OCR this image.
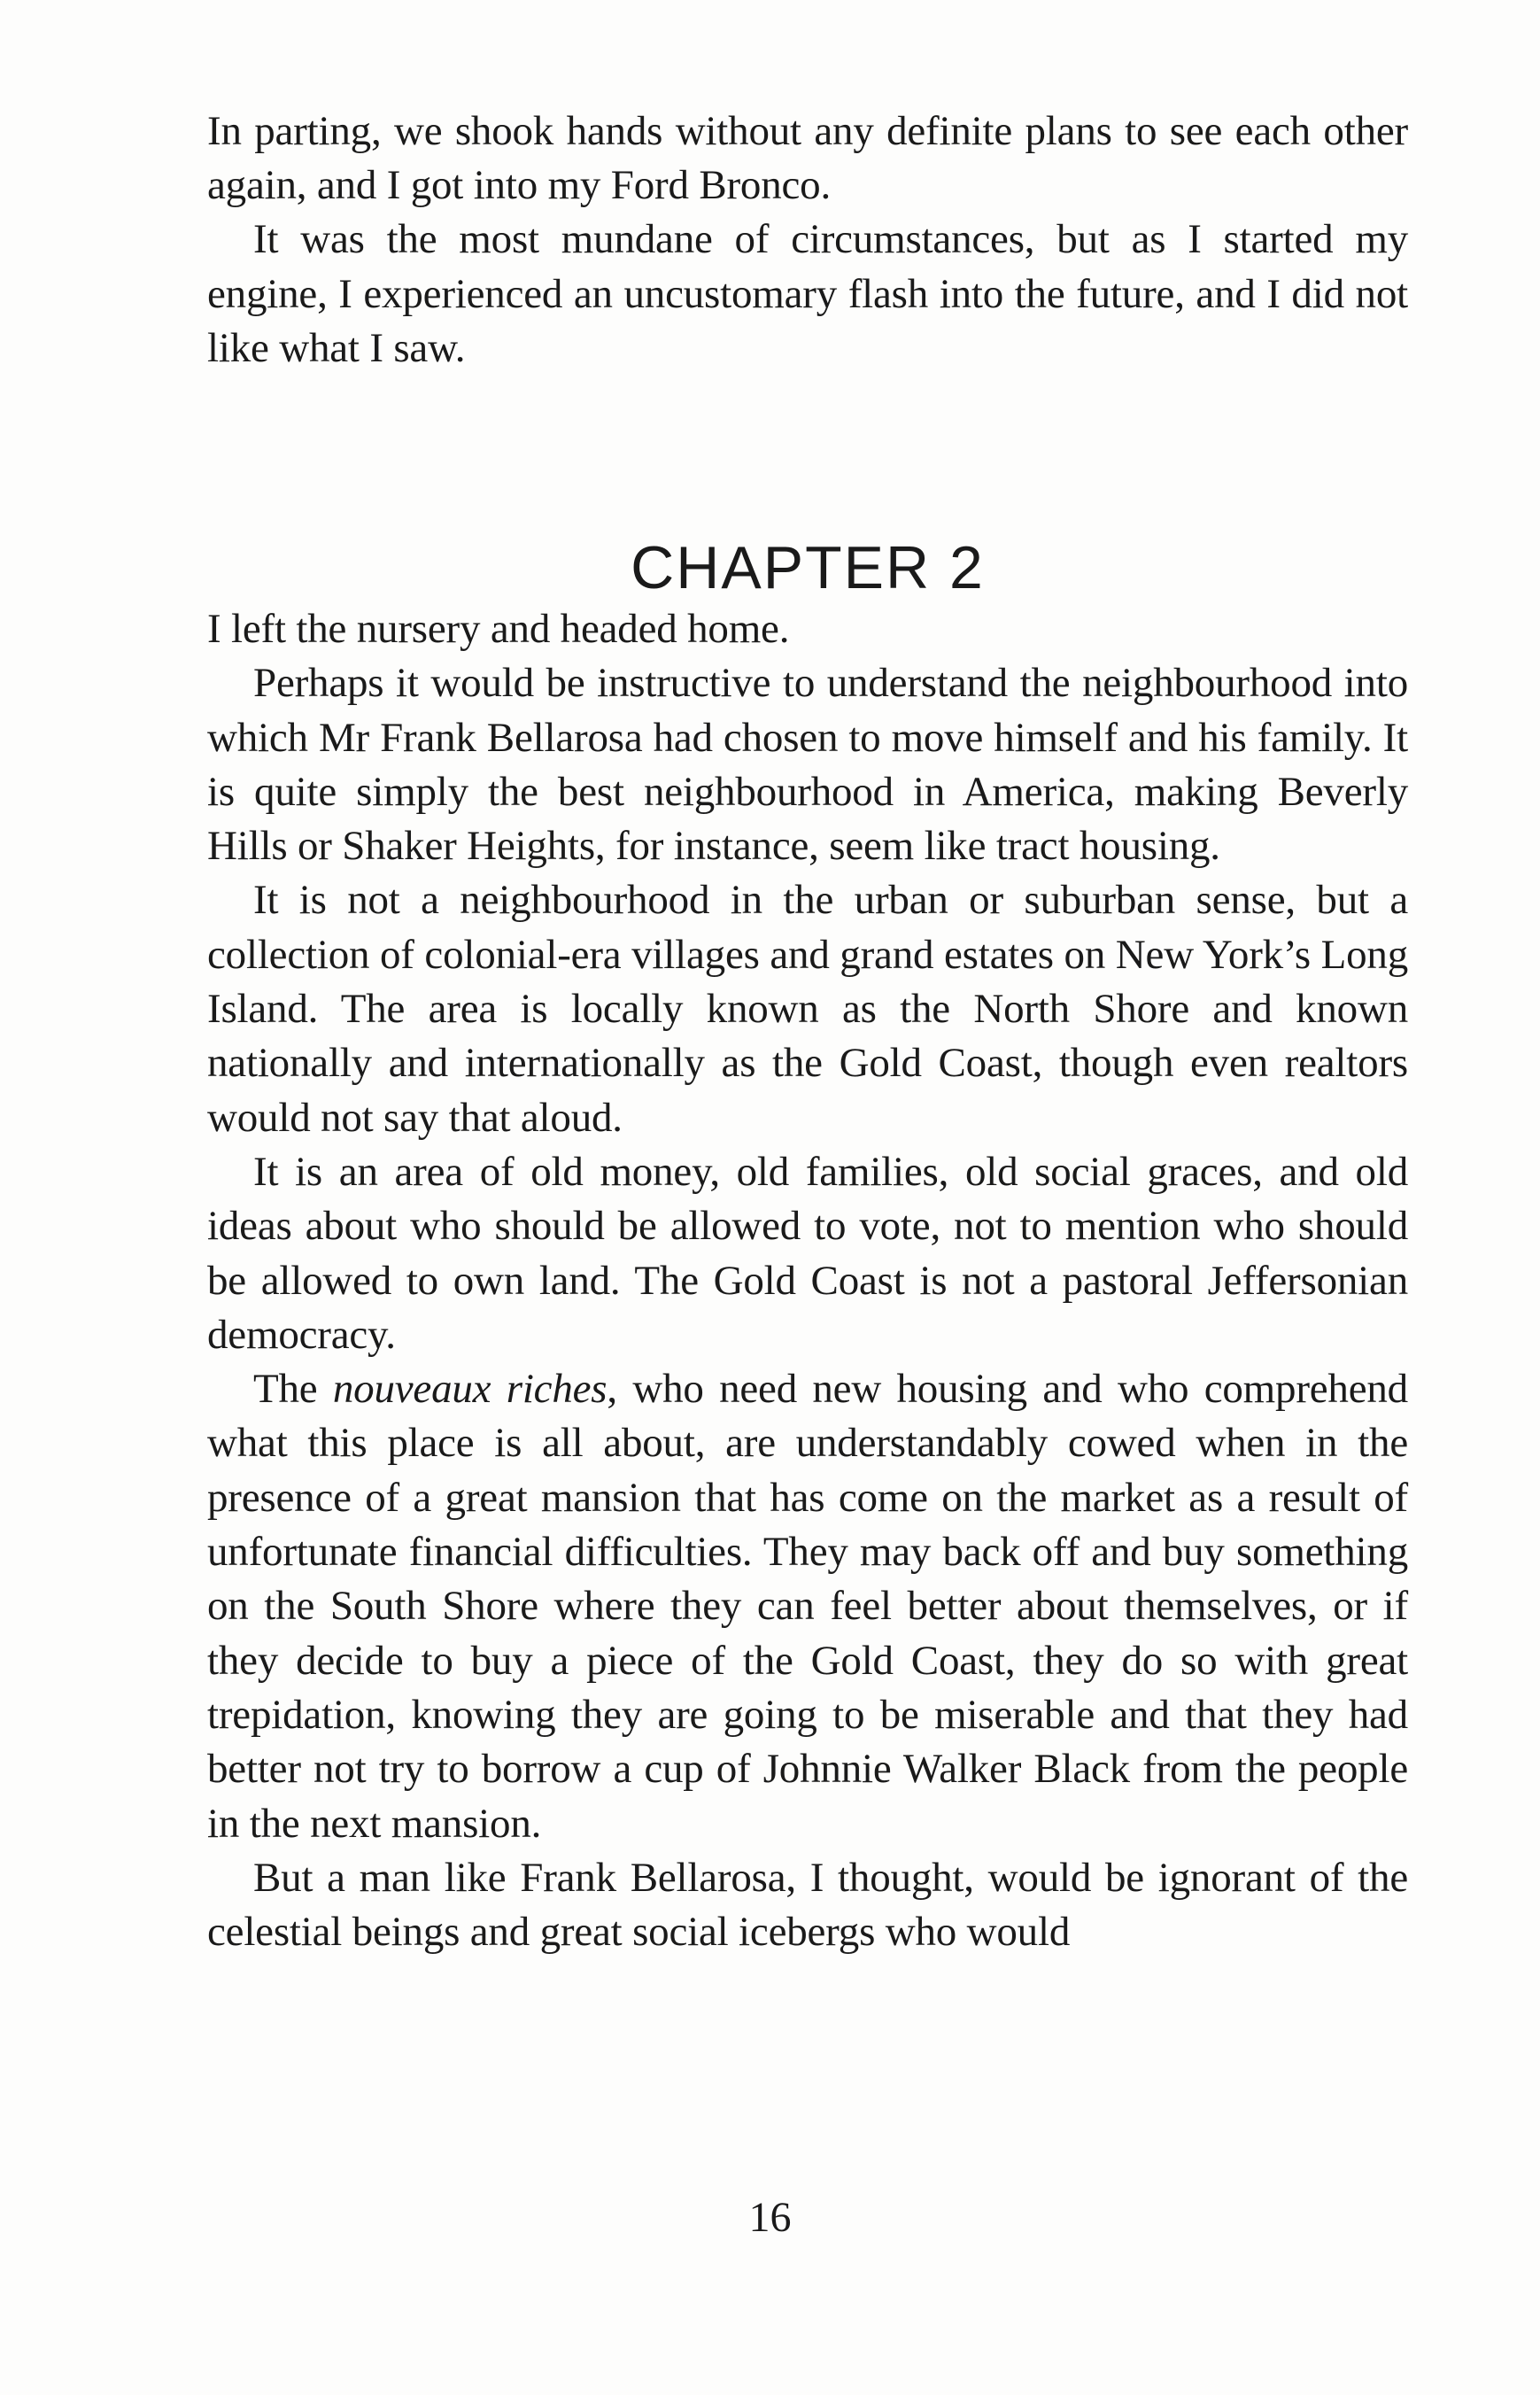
In parting, we shook hands without any definite plans to see each other again, and I got into my Ford Bronco.

It was the most mundane of circumstances, but as I started my engine, I experienced an uncustomary flash into the future, and I did not like what I saw.

CHAPTER 2

I left the nursery and headed home.

Perhaps it would be instructive to understand the neighbourhood into which Mr Frank Bellarosa had chosen to move himself and his family. It is quite simply the best neighbourhood in America, making Beverly Hills or Shaker Heights, for instance, seem like tract housing.

It is not a neighbourhood in the urban or suburban sense, but a collection of colonial-era villages and grand estates on New York’s Long Island. The area is locally known as the North Shore and known nationally and internationally as the Gold Coast, though even realtors would not say that aloud.

It is an area of old money, old families, old social graces, and old ideas about who should be allowed to vote, not to mention who should be allowed to own land. The Gold Coast is not a pastoral Jeffersonian democracy.

The nouveaux riches, who need new housing and who comprehend what this place is all about, are understandably cowed when in the presence of a great mansion that has come on the market as a result of unfortunate financial difficulties. They may back off and buy something on the South Shore where they can feel better about themselves, or if they decide to buy a piece of the Gold Coast, they do so with great trepidation, knowing they are going to be miserable and that they had better not try to borrow a cup of Johnnie Walker Black from the people in the next mansion.

But a man like Frank Bellarosa, I thought, would be ignorant of the celestial beings and great social icebergs who would

16
